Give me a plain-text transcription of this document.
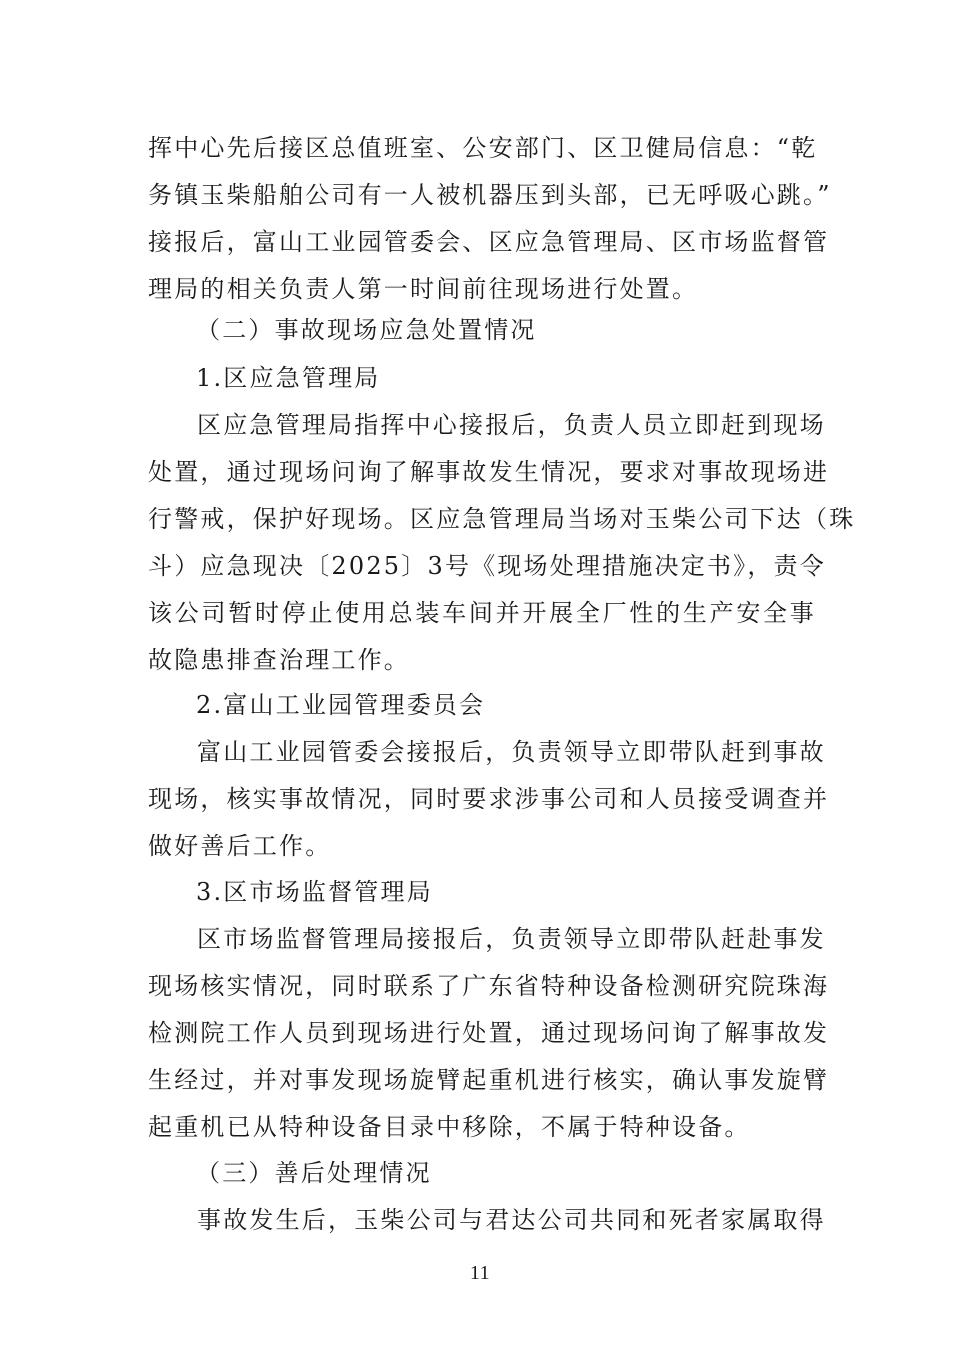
挥中心先后接区总值班室、公安部门、区卫健局信息：“乾
务镇玉柴船舶公司有一人被机器压到头部，已无呼吸心跳。”
接报后，富山工业园管委会、区应急管理局、区市场监督管
理局的相关负责人第一时间前往现场进行处置。
（二）事故现场应急处置情况
1.区应急管理局
区应急管理局指挥中心接报后，负责人员立即赶到现场
处置，通过现场问询了解事故发生情况，要求对事故现场进
行警戒，保护好现场。区应急管理局当场对玉柴公司下达（珠
斗）应急现决〔2025〕3号《现场处理措施决定书》，责令
该公司暂时停止使用总装车间并开展全厂性的生产安全事
故隐患排查治理工作。
2.富山工业园管理委员会
富山工业园管委会接报后，负责领导立即带队赶到事故
现场，核实事故情况，同时要求涉事公司和人员接受调查并
做好善后工作。
3.区市场监督管理局
区市场监督管理局接报后，负责领导立即带队赶赴事发
现场核实情况，同时联系了广东省特种设备检测研究院珠海
检测院工作人员到现场进行处置，通过现场问询了解事故发
生经过，并对事发现场旋臂起重机进行核实，确认事发旋臂
起重机已从特种设备目录中移除，不属于特种设备。
（三）善后处理情况
事故发生后，玉柴公司与君达公司共同和死者家属取得
11
